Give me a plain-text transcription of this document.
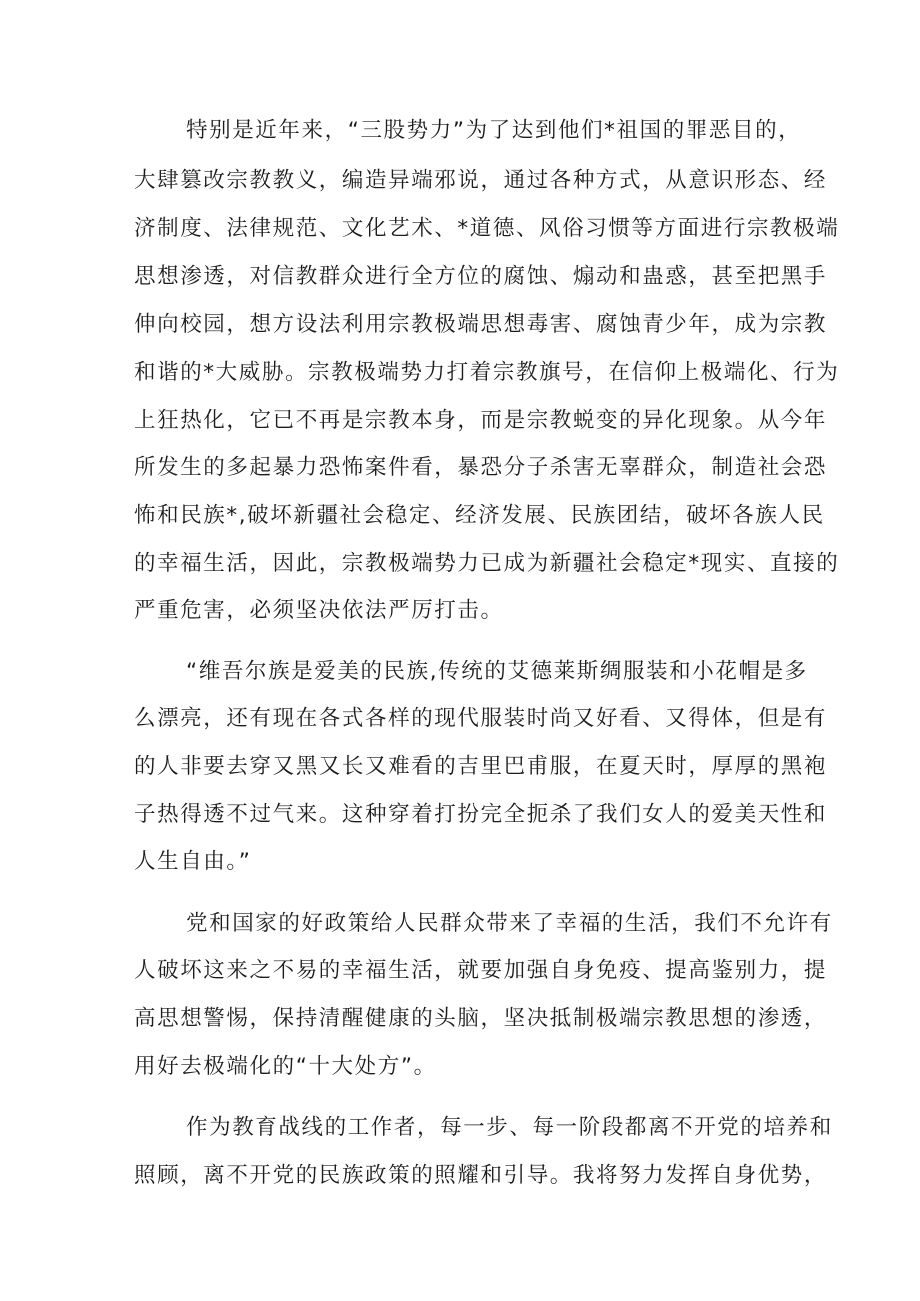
特别是近年来，“三股势力”为了达到他们*祖国的罪恶目的，
大肆篡改宗教教义，编造异端邪说，通过各种方式，从意识形态、经
济制度、法律规范、文化艺术、*道德、风俗习惯等方面进行宗教极端
思想渗透，对信教群众进行全方位的腐蚀、煽动和蛊惑，甚至把黑手
伸向校园，想方设法利用宗教极端思想毒害、腐蚀青少年，成为宗教
和谐的*大威胁。宗教极端势力打着宗教旗号，在信仰上极端化、行为
上狂热化，它已不再是宗教本身，而是宗教蜕变的异化现象。从今年
所发生的多起暴力恐怖案件看，暴恐分子杀害无辜群众，制造社会恐
怖和民族*,破坏新疆社会稳定、经济发展、民族团结，破坏各族人民
的幸福生活，因此，宗教极端势力已成为新疆社会稳定*现实、直接的
严重危害，必须坚决依法严厉打击。
“维吾尔族是爱美的民族,传统的艾德莱斯绸服装和小花帽是多
么漂亮，还有现在各式各样的现代服装时尚又好看、又得体，但是有
的人非要去穿又黑又长又难看的吉里巴甫服，在夏天时，厚厚的黑袍
子热得透不过气来。这种穿着打扮完全扼杀了我们女人的爱美天性和
人生自由。”
党和国家的好政策给人民群众带来了幸福的生活，我们不允许有
人破坏这来之不易的幸福生活，就要加强自身免疫、提高鉴别力，提
高思想警惕，保持清醒健康的头脑，坚决抵制极端宗教思想的渗透，
用好去极端化的“十大处方”。
作为教育战线的工作者，每一步、每一阶段都离不开党的培养和
照顾，离不开党的民族政策的照耀和引导。我将努力发挥自身优势，
